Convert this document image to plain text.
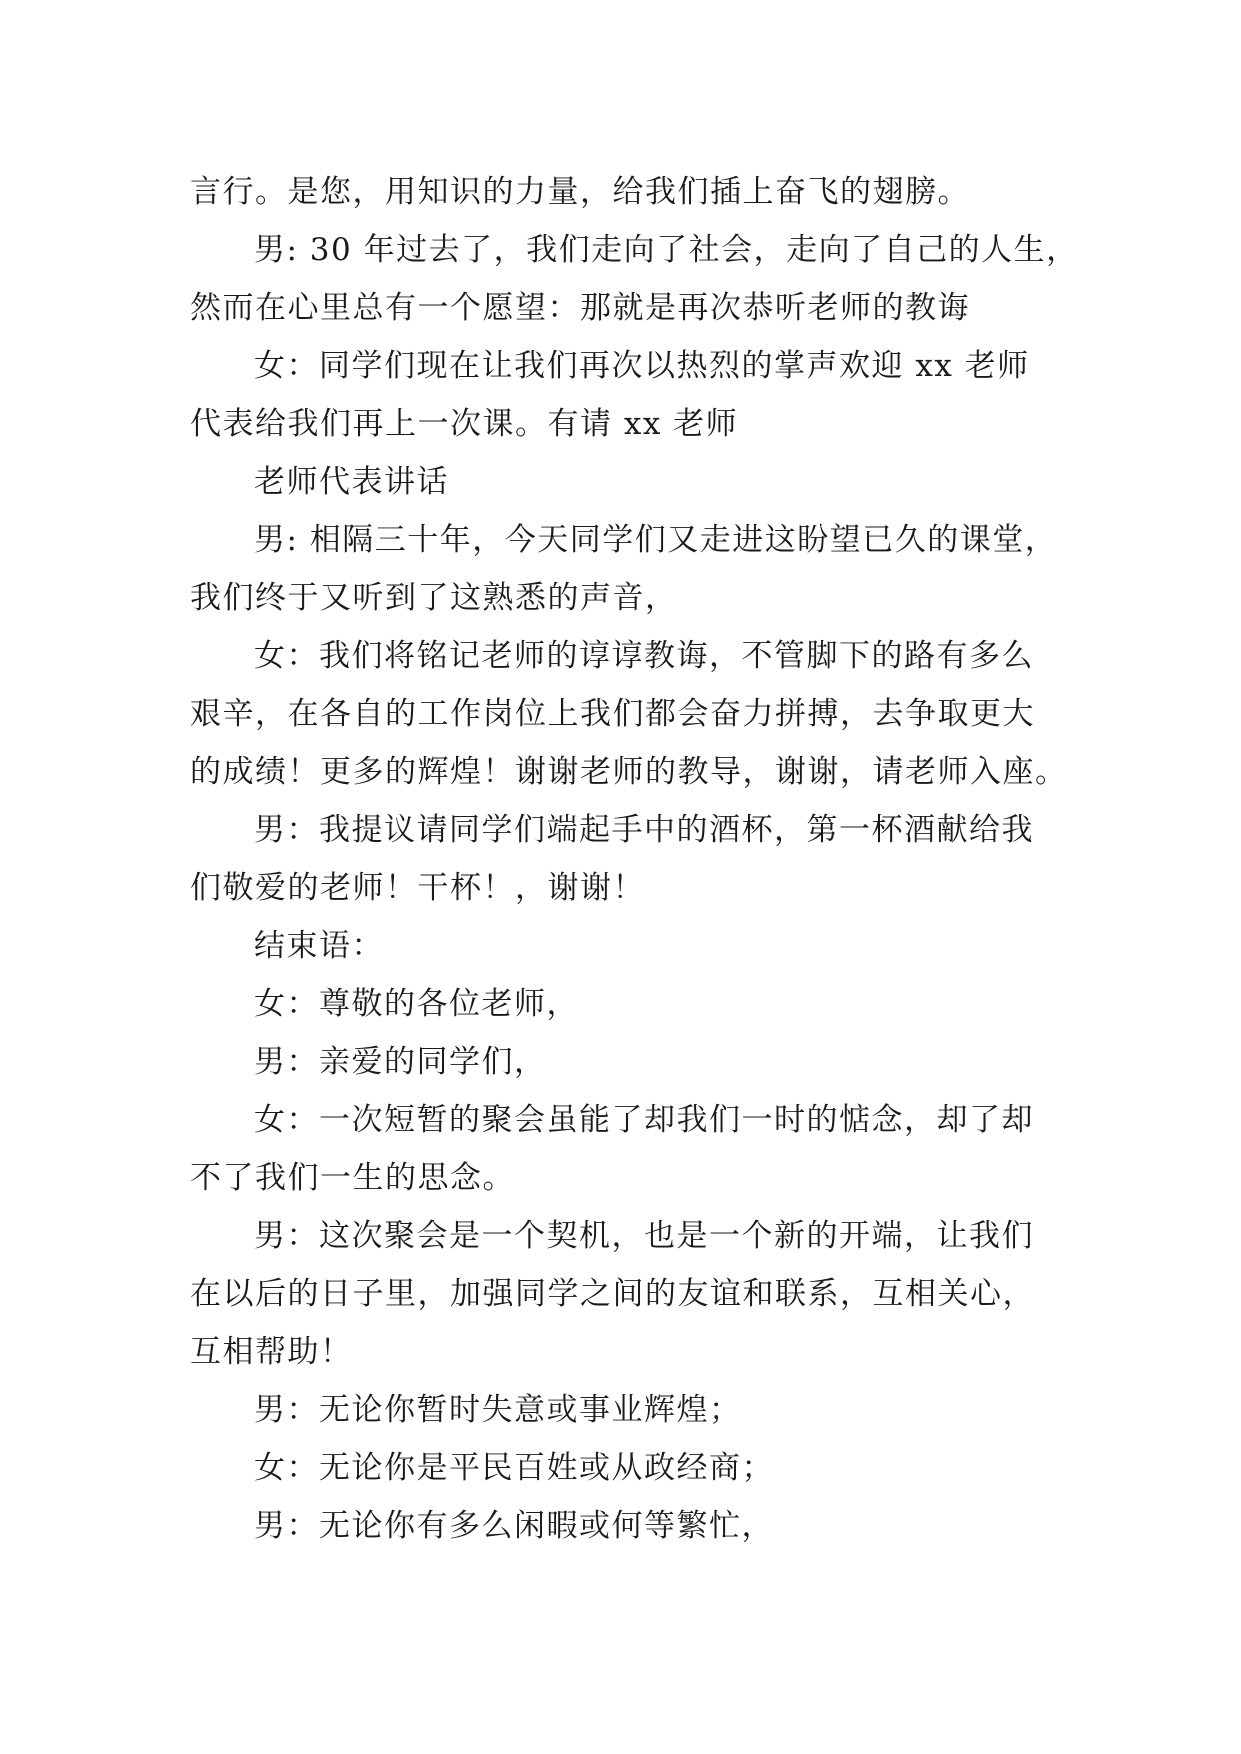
言行。是您，用知识的力量，给我们插上奋飞的翅膀。
男: 30 年过去了，我们走向了社会，走向了自己的人生，
然而在心里总有一个愿望：那就是再次恭听老师的教诲
女：同学们现在让我们再次以热烈的掌声欢迎 xx 老师
代表给我们再上一次课。有请 xx 老师
老师代表讲话
男: 相隔三十年，今天同学们又走进这盼望已久的课堂，
我们终于又听到了这熟悉的声音，
女：我们将铭记老师的谆谆教诲，不管脚下的路有多么
艰辛，在各自的工作岗位上我们都会奋力拼搏，去争取更大
的成绩！更多的辉煌！谢谢老师的教导，谢谢，请老师入座。
男：我提议请同学们端起手中的酒杯，第一杯酒献给我
们敬爱的老师！干杯！，谢谢！
结束语：
女：尊敬的各位老师，
男：亲爱的同学们，
女：一次短暂的聚会虽能了却我们一时的惦念，却了却
不了我们一生的思念。
男：这次聚会是一个契机，也是一个新的开端，让我们
在以后的日子里，加强同学之间的友谊和联系，互相关心，
互相帮助！
男：无论你暂时失意或事业辉煌；
女：无论你是平民百姓或从政经商；
男：无论你有多么闲暇或何等繁忙，
